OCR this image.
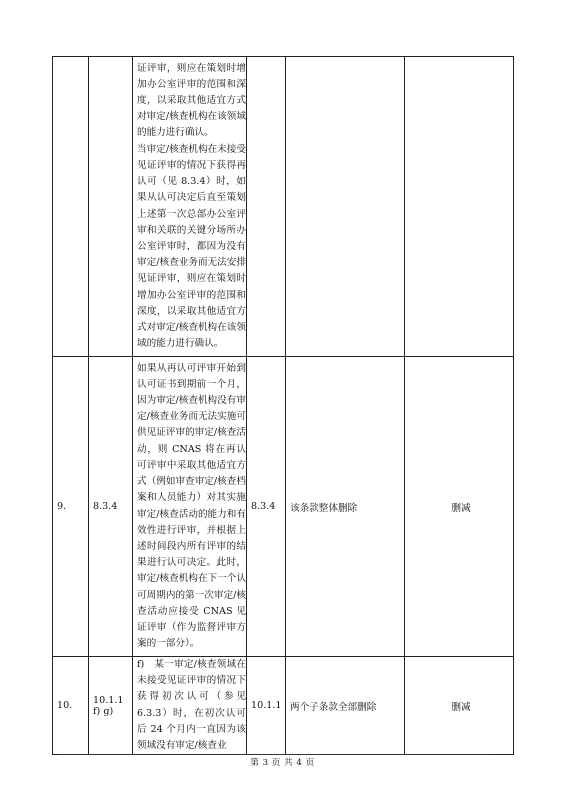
		证评审，则应在策划时增加办公室评审的范围和深度，以采取其他适宜方式对审定/核查机构在该领域的能力进行确认。

当审定/核查机构在未接受见证评审的情况下获得再认可（见 8.3.4）时，如果从认可决定后直至策划上述第一次总部办公室评审和关联的关键分场所办公室评审时，都因为没有审定/核查业务而无法安排见证评审，则应在策划时增加办公室评审的范围和深度，以采取其他适宜方式对审定/核查机构在该领域的能力进行确认。			

9.	8.3.4	如果从再认可评审开始到认可证书到期前一个月，因为审定/核查机构没有审定/核查业务而无法实施可供见证评审的审定/核查活动，则 CNAS 将在再认可评审中采取其他适宜方式（例如审查审定/核查档案和人员能力）对其实施审定/核查活动的能力和有效性进行评审，并根据上述时间段内所有评审的结果进行认可决定。此时，审定/核查机构在下一个认可周期内的第一次审定/核查活动应接受 CNAS 见证评审（作为监督评审方案的一部分）。	8.3.4	该条款整体删除	删减
10.	10.1.1 f) g)	f)　某一审定/核查领域在未接受见证评审的情况下获得初次认可（参见 6.3.3）时，在初次认可后 24 个月内一直因为该领域没有审定/核查业	10.1.1	两个子条款全部删除	删减
第 3 页 共 4 页
